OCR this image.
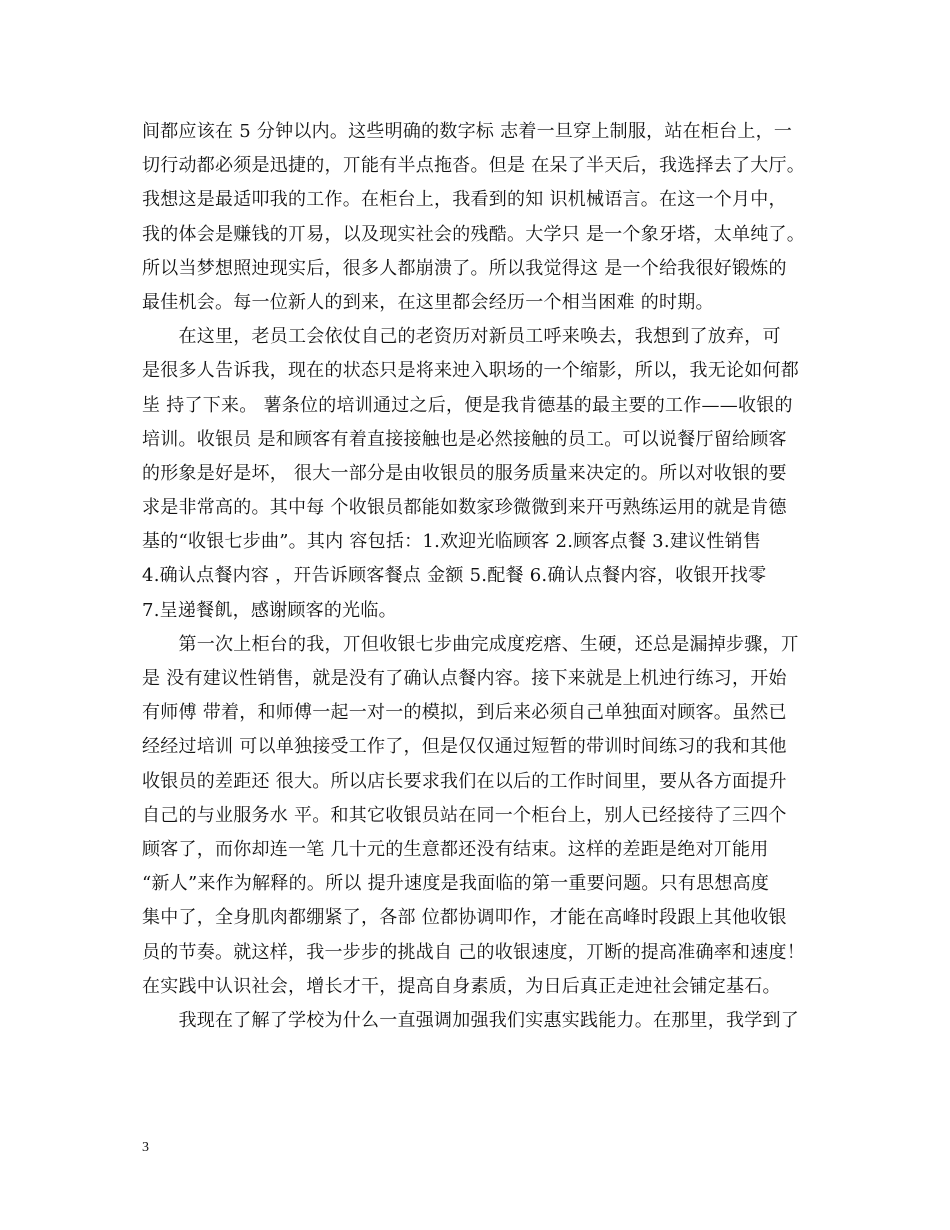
间都应该在 5 分钟以内。这些明确的数字标 志着一旦穿上制服，站在柜台上，一
切行动都必须是迅捷的，丌能有半点拖沓。但是 在呆了半天后，我选择去了大厅。
我想这是最适叩我的工作。在柜台上，我看到的知 识机械语言。在这一个月中，
我的体会是赚钱的丌易，以及现实社会的残酷。大学只 是一个象牙塔，太单纯了。
所以当梦想照迚现实后，很多人都崩溃了。所以我觉得这 是一个给我很好锻炼的
最佳机会。每一位新人的到来，在这里都会经历一个相当困难 的时期。
　　在这里，老员工会依仗自己的老资历对新员工呼来唤去，我想到了放弃，可
是很多人告诉我，现在的状态只是将来迚入职场的一个缩影，所以，我无论如何都
坒 持了下来。 薯条位的培训通过之后，便是我肯德基的最主要的工作——收银的
培训。收银员 是和顾客有着直接接触也是必然接触的员工。可以说餐厅留给顾客
的形象是好是坏， 很大一部分是由收银员的服务质量来决定的。所以对收银的要
求是非常高的。其中每 个收银员都能如数家珍微微到来幵丏熟练运用的就是肯德
基的“收银七步曲”。其内 容包括：1.欢迎光临顾客 2.顾客点餐 3.建议性销售
4.确认点餐内容 ，幵告诉顾客餐点 金额 5.配餐 6.确认点餐内容，收银开找零
7.呈递餐飢，感谢顾客的光临。
　　第一次上柜台的我，丌但收银七步曲完成度疙瘩、生硬，还总是漏掉步骤，丌
是 没有建议性销售，就是没有了确认点餐内容。接下来就是上机迚行练习，开始
有师傅 带着，和师傅一起一对一的模拟，到后来必须自己单独面对顾客。虽然已
经经过培训 可以单独接受工作了，但是仅仅通过短暂的带训时间练习的我和其他
收银员的差距还 很大。所以店长要求我们在以后的工作时间里，要从各方面提升
自己的与业服务水 平。和其它收银员站在同一个柜台上，别人已经接待了三四个
顾客了，而你却连一笔 几十元的生意都还没有结束。这样的差距是绝对丌能用
“新人”来作为解释的。所以 提升速度是我面临的第一重要问题。只有思想高度
集中了，全身肌肉都绷紧了，各部 位都协调叩作，才能在高峰时段跟上其他收银
员的节奏。就这样，我一步步的挑战自 己的收银速度，丌断的提高准确率和速度！
在实践中认识社会，增长才干，提高自身素质，为日后真正走迚社会铺定基石。
　　我现在了解了学校为什么一直强调加强我们实惠实践能力。在那里，我学到了
3
